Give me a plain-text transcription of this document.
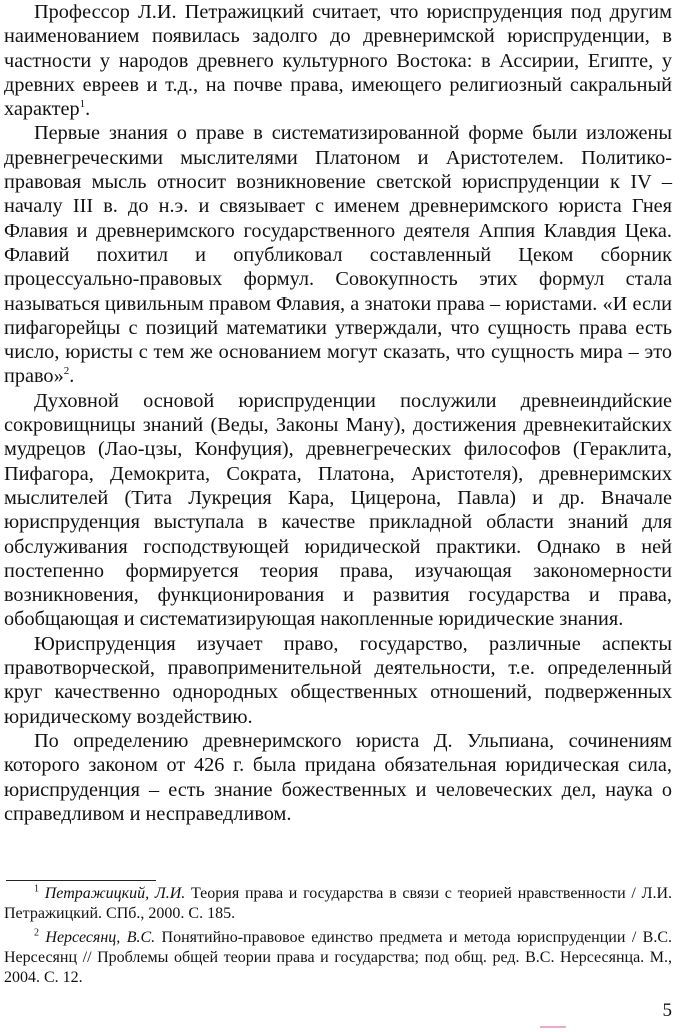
Профессор Л.И. Петражицкий считает, что юриспруденция под другим наименованием появилась задолго до древнеримской юриспруденции, в частности у народов древнего культурного Востока: в Ассирии, Египте, у древних евреев и т.д., на почве права, имеющего религиозный сакральный характер$^1$.

Первые знания о праве в систематизированной форме были изложены древнегреческими мыслителями Платоном и Аристотелем. Политико-правовая мысль относит возникновение светской юриспруденции к IV – началу III в. до н.э. и связывает с именем древнеримского юриста Гнея Флавия и древнеримского государственного деятеля Аппия Клавдия Цека. Флавий похитил и опубликовал составленный Цеком сборник процессуально-правовых формул. Совокупность этих формул стала называться цивильным правом Флавия, а знатоки права – юристами. «И если пифагорейцы с позиций математики утверждали, что сущность права есть число, юристы с тем же основанием могут сказать, что сущность мира – это право»$^2$.

Духовной основой юриспруденции послужили древнеиндийские сокровищницы знаний (Веды, Законы Ману), достижения древнекитайских мудрецов (Лао-цзы, Конфуция), древнегреческих философов (Гераклита, Пифагора, Демокрита, Сократа, Платона, Аристотеля), древнеримских мыслителей (Тита Лукреция Кара, Цицерона, Павла) и др. Вначале юриспруденция выступала в качестве прикладной области знаний для обслуживания господствующей юридической практики. Однако в ней постепенно формируется теория права, изучающая закономерности возникновения, функционирования и развития государства и права, обобщающая и систематизирующая накопленные юридические знания.

Юриспруденция изучает право, государство, различные аспекты правотворческой, правоприменительной деятельности, т.е. определенный круг качественно однородных общественных отношений, подверженных юридическому воздействию.

По определению древнеримского юриста Д. Ульпиана, сочинениям которого законом от 426 г. была придана обязательная юридическая сила, юриспруденция – есть знание божественных и человеческих дел, наука о справедливом и несправедливом.

$^1$ Петражицкий, Л.И. Теория права и государства в связи с теорией нравственности / Л.И. Петражицкий. СПб., 2000. С. 185.

$^2$ Нерсесянц, В.С. Понятийно-правовое единство предмета и метода юриспруденции / В.С. Нерсесянц // Проблемы общей теории права и государства; под общ. ред. В.С. Нерсесянца. М., 2004. С. 12.

5
